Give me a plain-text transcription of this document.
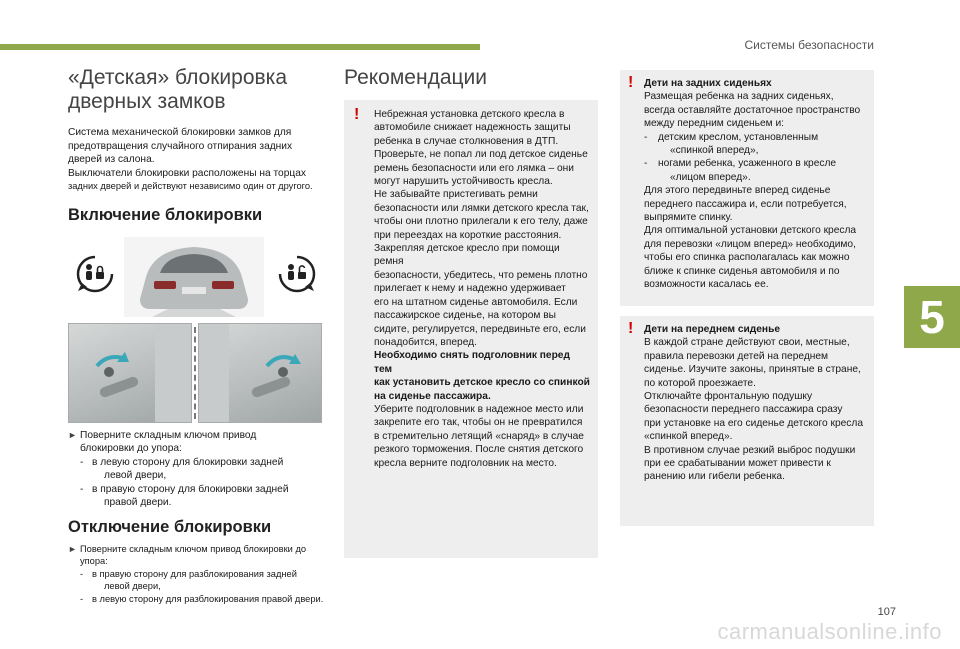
Системы безопасности
5
107
carmanualsonline.info
«Детская» блокировка
дверных замков
Система механической блокировки замков для
предотвращения случайного отпирания задних
дверей из салона.
Выключатели блокировки расположены на торцах
задних дверей и действуют независимо один от другого.
Включение блокировки
► Поверните складным ключом привод
блокировки до упора:
- в левую сторону для блокировки задней
левой двери,
- в правую сторону для блокировки задней
правой двери.
Отключение блокировки
► Поверните складным ключом привод блокировки до
упора:
- в правую сторону для разблокирования задней
левой двери,
- в левую сторону для разблокирования правой двери.
Рекомендации
! Небрежная установка детского кресла в
автомобиле снижает надежность защиты
ребенка в случае столкновения в ДТП.
Проверьте, не попал ли под детское сиденье
ремень безопасности или его лямка – они
могут нарушить устойчивость кресла.
Не забывайте пристегивать ремни
безопасности или лямки детского кресла так,
чтобы они плотно прилегали к его телу, даже
при переездах на короткие расстояния.
Закрепляя детское кресло при помощи ремня
безопасности, убедитесь, что ремень плотно
прилегает к нему и надежно удерживает
его на штатном сиденье автомобиля. Если
пассажирское сиденье, на котором вы
сидите, регулируется, передвиньте его, если
понадобится, вперед.
Необходимо снять подголовник перед тем
как установить детское кресло со спинкой
на сиденье пассажира.
Уберите подголовник в надежное место или
закрепите его так, чтобы он не превратился
в стремительно летящий «снаряд» в случае
резкого торможения. После снятия детского
кресла верните подголовник на место.
! Дети на задних сиденьях
Размещая ребенка на задних сиденьях,
всегда оставляйте достаточное пространство
между передним сиденьем и:
-	детским креслом, установленным
«спинкой вперед»,
-	ногами ребенка, усаженного в кресле
«лицом вперед».
Для этого передвиньте вперед сиденье
переднего пассажира и, если потребуется,
выпрямите спинку.
Для оптимальной установки детского кресла
для перевозки «лицом вперед» необходимо,
чтобы его спинка располагалась как можно
ближе к спинке сиденья автомобиля и по
возможности касалась ее.
! Дети на переднем сиденье
В каждой стране действуют свои, местные,
правила перевозки детей на переднем
сиденье. Изучите законы, принятые в стране,
по которой проезжаете.
Отключайте фронтальную подушку
безопасности переднего пассажира сразу
при установке на его сиденье детского кресла
«спинкой вперед».
В противном случае резкий выброс подушки
при ее срабатывании может привести к
ранению или гибели ребенка.
